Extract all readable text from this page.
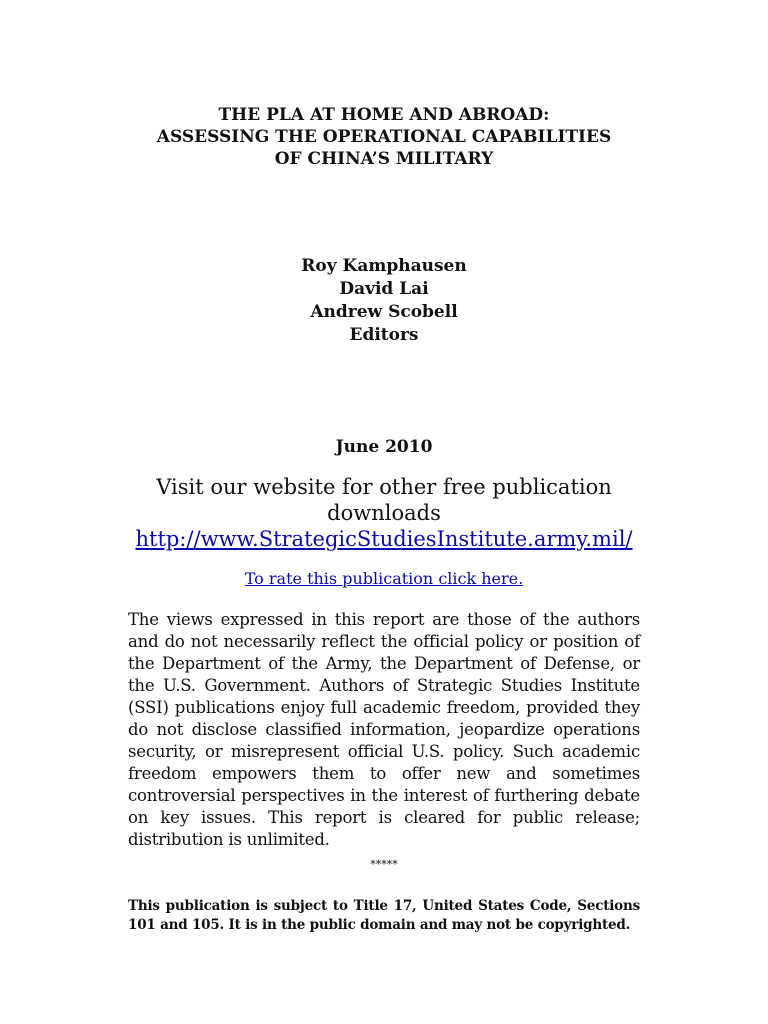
THE PLA AT HOME AND ABROAD:
ASSESSING THE OPERATIONAL CAPABILITIES
OF CHINA’S MILITARY
Roy Kamphausen
David Lai
Andrew Scobell
Editors
June 2010
Visit our website for other free publication
downloads
http://www.StrategicStudiesInstitute.army.mil/
To rate this publication click here.

The views expressed in this report are those of the authors and do not necessarily reflect the official policy or position of the Department of the Army, the Department of Defense, or the U.S. Government. Authors of Strategic Studies Institute (SSI) publications enjoy full academic freedom, provided they do not disclose classified information, jeopardize operations security, or misrepresent official U.S. policy. Such academic freedom empowers them to offer new and sometimes controversial perspectives in the interest of furthering debate on key issues. This report is cleared for public release; distribution is unlimited.

*****

This publication is subject to Title 17, United States Code, Sections 101 and 105. It is in the public domain and may not be copyrighted.
